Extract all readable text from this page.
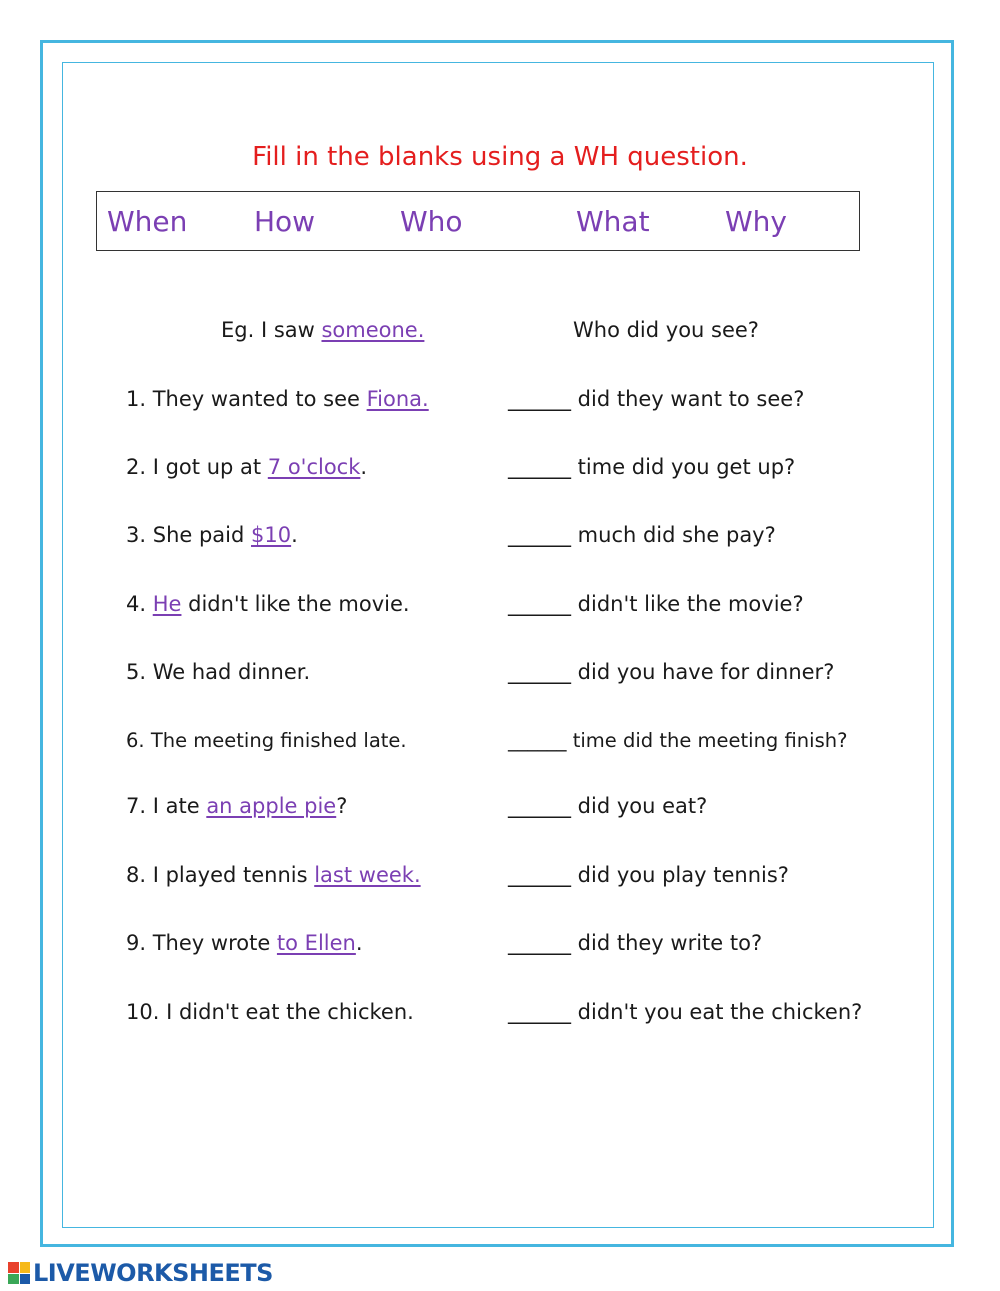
Fill in the blanks using a WH question.
When How	Who	What	Why
Eg. I saw someone.	Who did you see?
1. They wanted to see Fiona.	______ did they want to see?
2. I got up at 7 o'clock.	______ time did you get up?
3. She paid $10.	______ much did she pay?
4. He didn't like the movie.	______ didn't like the movie?
5. We had dinner.	______ did you have for dinner?
6. The meeting finished late.	______ time did the meeting finish?
7. I ate an apple pie?	______ did you eat?
8. I played tennis last week.	______ did you play tennis?
9. They wrote to Ellen.	______ did they write to?
10. I didn't eat the chicken.	______ didn't you eat the chicken?
LIVEWORKSHEETS
